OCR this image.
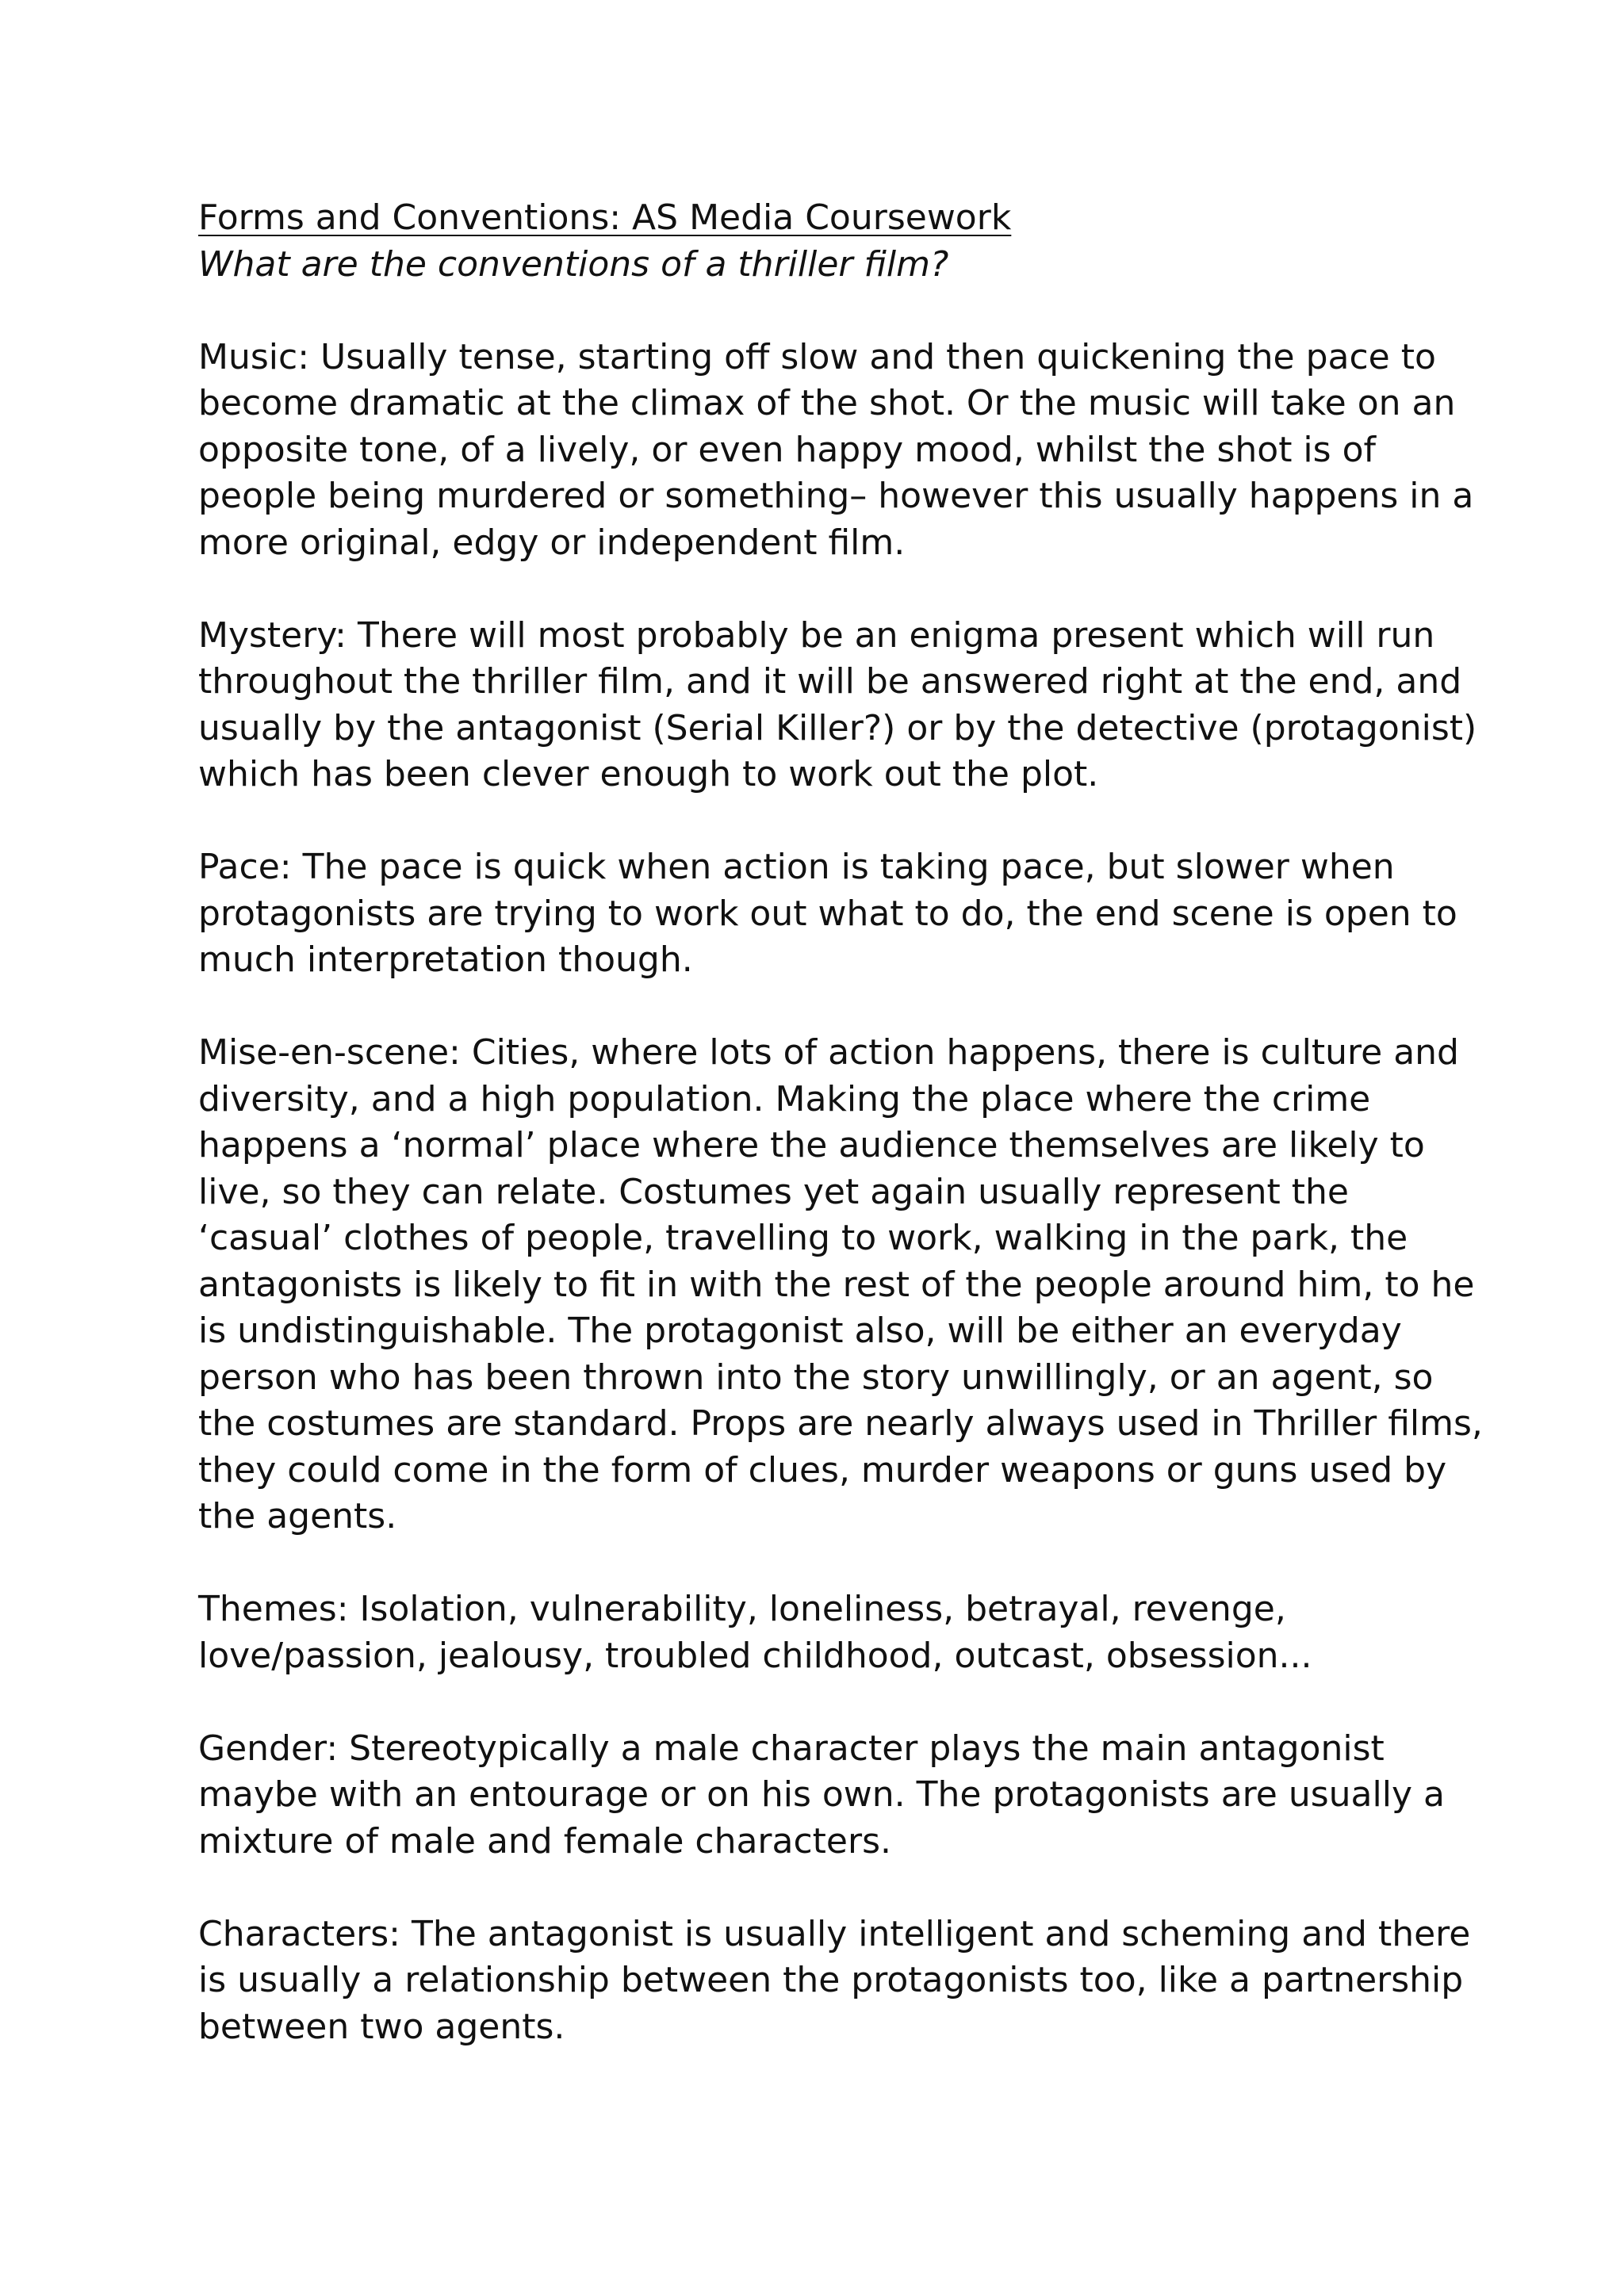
Forms and Conventions: AS Media Coursework

What are the conventions of a thriller film?

Music: Usually tense, starting off slow and then quickening the pace to become dramatic at the climax of the shot. Or the music will take on an opposite tone, of a lively, or even happy mood, whilst the shot is of people being murdered or something– however this usually happens in a more original, edgy or independent film.

Mystery: There will most probably be an enigma present which will run throughout the thriller film, and it will be answered right at the end, and usually by the antagonist (Serial Killer?) or by the detective (protagonist) which has been clever enough to work out the plot.

Pace: The pace is quick when action is taking pace, but slower when protagonists are trying to work out what to do, the end scene is open to much interpretation though.

Mise-en-scene: Cities, where lots of action happens, there is culture and diversity, and a high population. Making the place where the crime happens a ‘normal’ place where the audience themselves are likely to live, so they can relate. Costumes yet again usually represent the ‘casual’ clothes of people, travelling to work, walking in the park, the antagonists is likely to fit in with the rest of the people around him, to he is undistinguishable. The protagonist also, will be either an everyday person who has been thrown into the story unwillingly, or an agent, so the costumes are standard. Props are nearly always used in Thriller films, they could come in the form of clues, murder weapons or guns used by the agents.

Themes: Isolation, vulnerability, loneliness, betrayal, revenge, love/passion, jealousy, troubled childhood, outcast, obsession...

Gender: Stereotypically a male character plays the main antagonist maybe with an entourage or on his own. The protagonists are usually a mixture of male and female characters.

Characters: The antagonist is usually intelligent and scheming and there is usually a relationship between the protagonists too, like a partnership between two agents.
